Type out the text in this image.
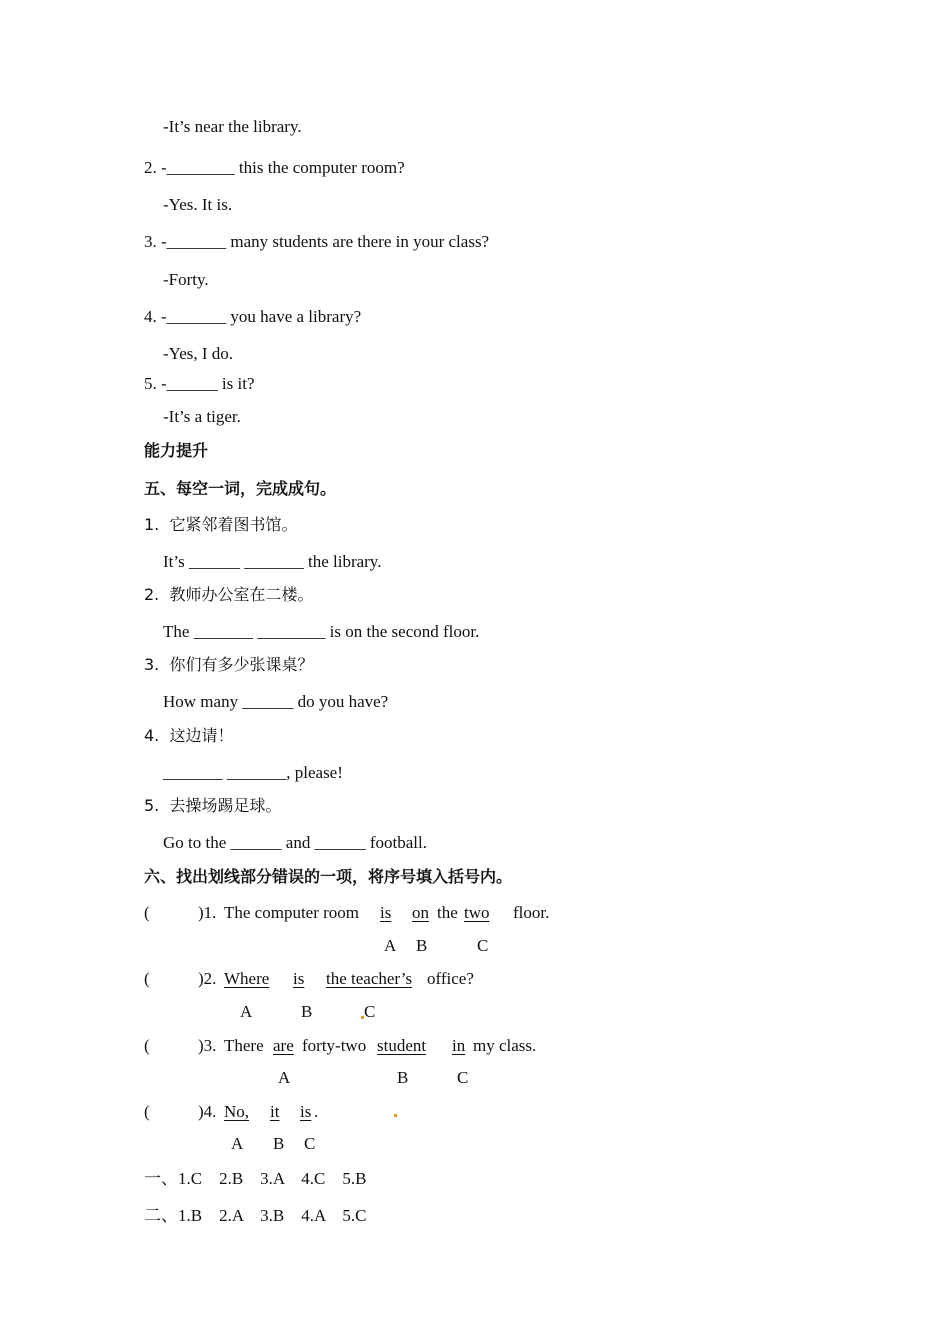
-It’s near the library.
2. -________ this the computer room?
-Yes. It is.
3. -_______ many students are there in your class?
-Forty.
4. -_______ you have a library?
-Yes, I do.
5. -______ is it?
-It’s a tiger.
能力提升
五、每空一词，完成成句。
1.  它紧邻着图书馆。
It’s ______ _______ the library.
2.  教师办公室在二楼。
The _______ ________ is on the second floor.
3.  你们有多少张课桌？
How many ______ do you have?
4.  这边请！
_______ _______, please!
5.  去操场踢足球。
Go to the ______ and ______ football.
六、找出划线部分错误的一项，将序号填入括号内。
(	)1. The computer room is on the two floor.
A B	C
(	)2. Where is the teacher’s office?
A	B	C
(	)3. There are forty-two student in my class.
A	B	C
(	)4. No, it is .
A B C
一、1.C    2.B    3.A    4.C    5.B
二、1.B    2.A    3.B    4.A    5.C
